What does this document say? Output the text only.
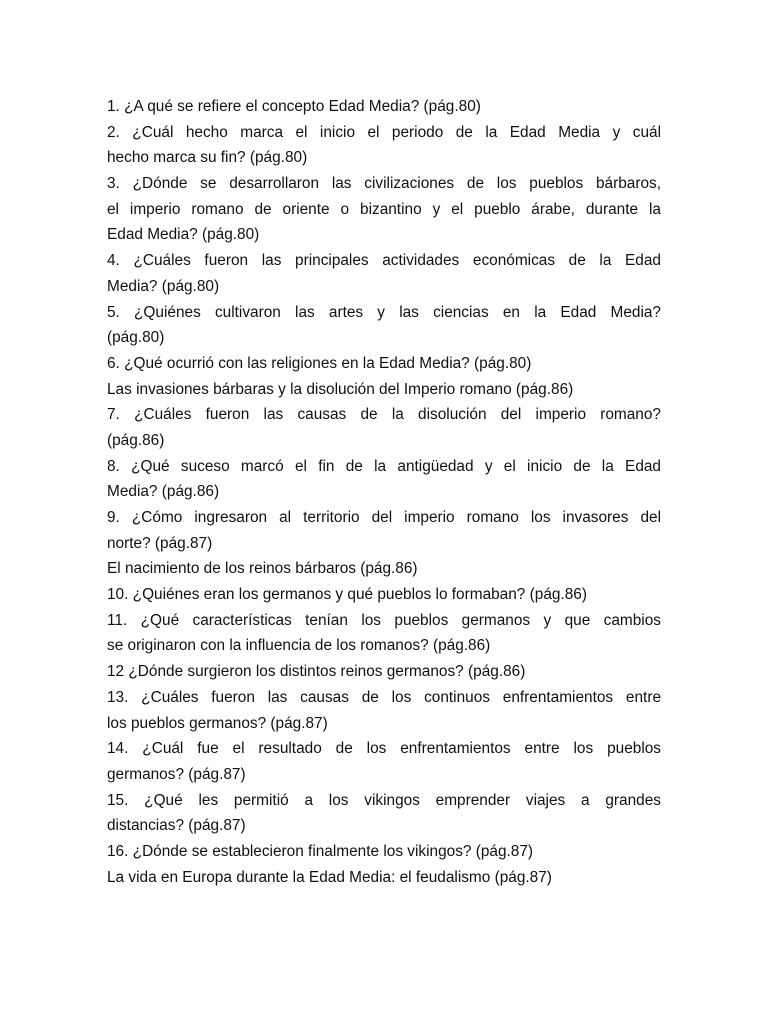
1. ¿A qué se refiere el concepto Edad Media? (pág.80)
2. ¿Cuál hecho marca el inicio el periodo de la Edad Media y cuál
hecho marca su fin? (pág.80)
3. ¿Dónde se desarrollaron las civilizaciones de los pueblos bárbaros,
el imperio romano de oriente o bizantino y el pueblo árabe, durante la
Edad Media? (pág.80)
4. ¿Cuáles fueron las principales actividades económicas de la Edad
Media? (pág.80)
5. ¿Quiénes cultivaron las artes y las ciencias en la Edad Media?
(pág.80)
6. ¿Qué ocurrió con las religiones en la Edad Media? (pág.80)
Las invasiones bárbaras y la disolución del Imperio romano (pág.86)
7. ¿Cuáles fueron las causas de la disolución del imperio romano?
(pág.86)
8. ¿Qué suceso marcó el fin de la antigüedad y el inicio de la Edad
Media? (pág.86)
9. ¿Cómo ingresaron al territorio del imperio romano los invasores del
norte? (pág.87)
El nacimiento de los reinos bárbaros (pág.86)
10. ¿Quiénes eran los germanos y qué pueblos lo formaban? (pág.86)
11. ¿Qué características tenían los pueblos germanos y que cambios
se originaron con la influencia de los romanos? (pág.86)
12 ¿Dónde surgieron los distintos reinos germanos? (pág.86)
13. ¿Cuáles fueron las causas de los continuos enfrentamientos entre
los pueblos germanos? (pág.87)
14. ¿Cuál fue el resultado de los enfrentamientos entre los pueblos
germanos? (pág.87)
15. ¿Qué les permitió a los vikingos emprender viajes a grandes
distancias? (pág.87)
16. ¿Dónde se establecieron finalmente los vikingos? (pág.87)
La vida en Europa durante la Edad Media: el feudalismo (pág.87)
